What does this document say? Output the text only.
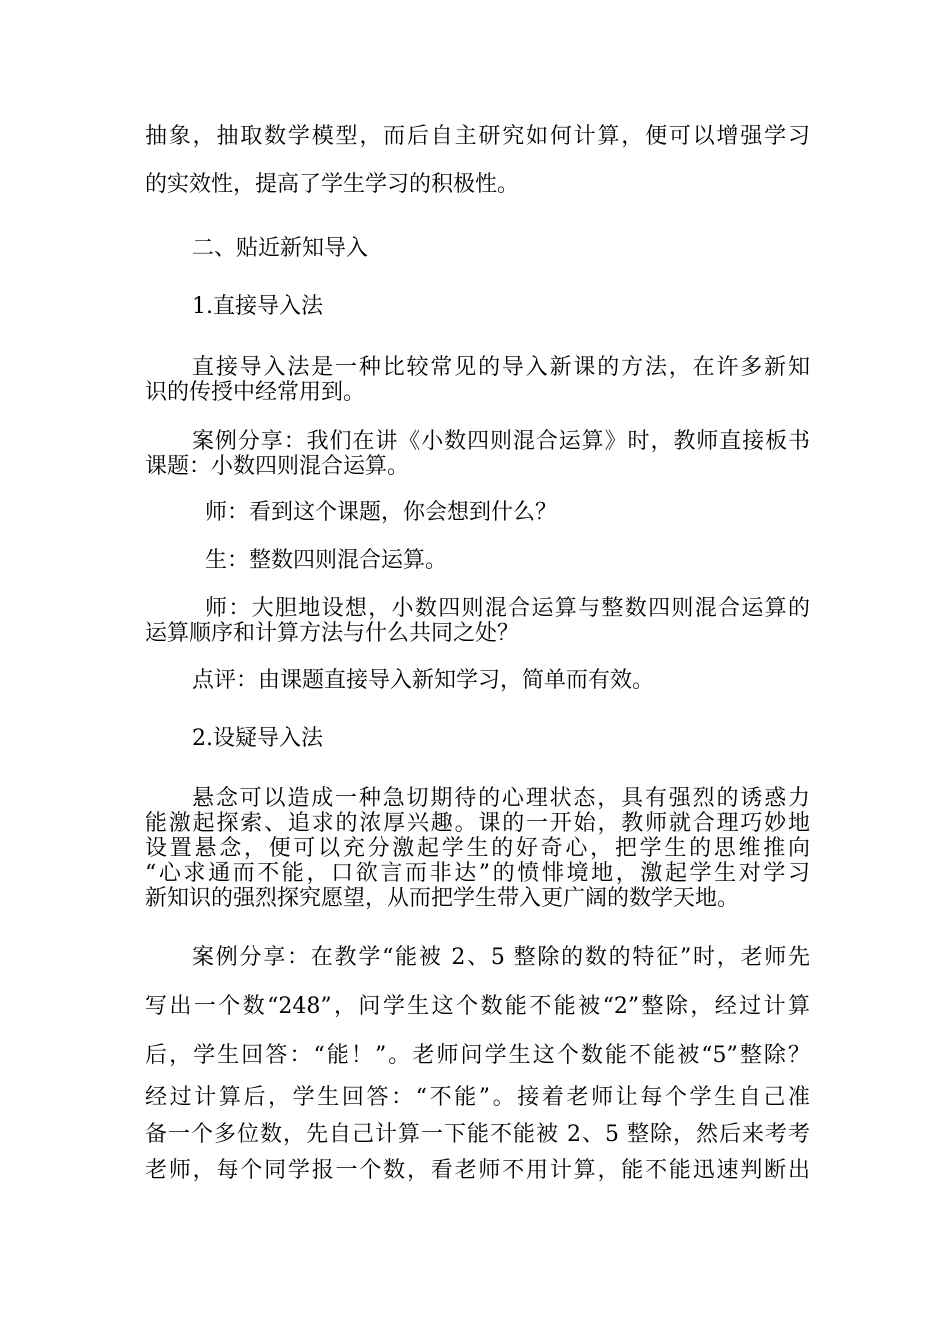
抽象，抽取数学模型，而后自主研究如何计算，便可以增强学习
的实效性，提高了学生学习的积极性。
二、贴近新知导入
1.直接导入法
直接导入法是一种比较常见的导入新课的方法，在许多新知
识的传授中经常用到。
案例分享：我们在讲《小数四则混合运算》时，教师直接板书
课题：小数四则混合运算。
师：看到这个课题，你会想到什么？
生：整数四则混合运算。
师：大胆地设想，小数四则混合运算与整数四则混合运算的
运算顺序和计算方法与什么共同之处？
点评：由课题直接导入新知学习，简单而有效。
2.设疑导入法
悬念可以造成一种急切期待的心理状态，具有强烈的诱惑力
能激起探索、追求的浓厚兴趣。课的一开始，教师就合理巧妙地
设置悬念，便可以充分激起学生的好奇心，把学生的思维推向
“心求通而不能，口欲言而非达”的愤悱境地，激起学生对学习
新知识的强烈探究愿望，从而把学生带入更广阔的数学天地。
案例分享：在教学“能被 2、5 整除的数的特征”时，老师先
写出一个数“248”，问学生这个数能不能被“2”整除，经过计算
后，学生回答：“能！”。老师问学生这个数能不能被“5”整除？
经过计算后，学生回答：“不能”。接着老师让每个学生自己准
备一个多位数，先自己计算一下能不能被 2、5 整除，然后来考考
老师，每个同学报一个数，看老师不用计算，能不能迅速判断出
